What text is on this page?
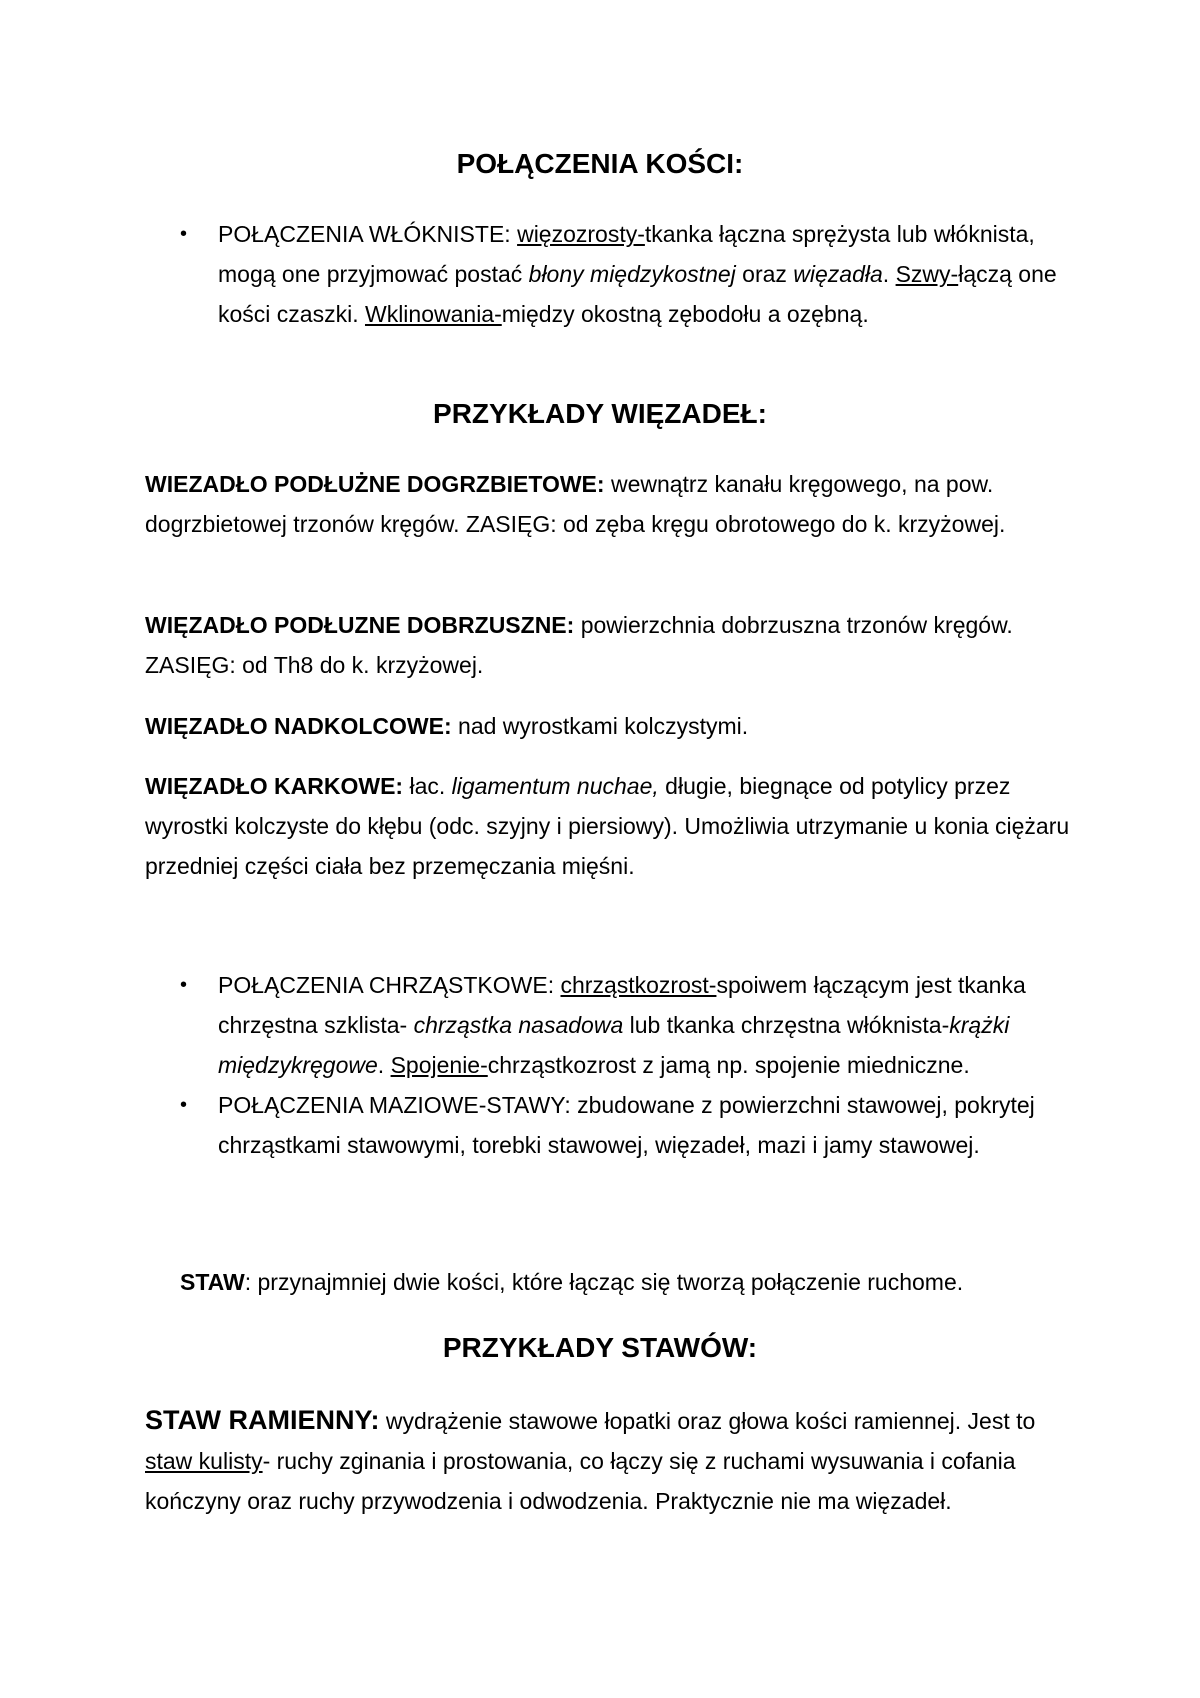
POŁĄCZENIA KOŚCI:
•	POŁĄCZENIA WŁÓKNISTE: więzozrosty-tkanka łączna sprężysta lub włóknista, mogą one przyjmować postać błony międzykostnej oraz więzadła. Szwy-łączą one kości czaszki. Wklinowania-między okostną zębodołu a ozębną.
PRZYKŁADY WIĘZADEŁ:
WIEZADŁO PODŁUŻNE DOGRZBIETOWE: wewnątrz kanału kręgowego, na pow. dogrzbietowej trzonów kręgów. ZASIĘG: od zęba kręgu obrotowego do k. krzyżowej.
WIĘZADŁO PODŁUZNE DOBRZUSZNE: powierzchnia dobrzuszna trzonów kręgów. ZASIĘG: od Th8 do k. krzyżowej.
WIĘZADŁO NADKOLCOWE: nad wyrostkami kolczystymi.
WIĘZADŁO KARKOWE: łac. ligamentum nuchae, długie, biegnące od potylicy przez wyrostki kolczyste do kłębu (odc. szyjny i piersiowy). Umożliwia utrzymanie u konia ciężaru przedniej części ciała bez przemęczania mięśni.
•	POŁĄCZENIA CHRZĄSTKOWE: chrząstkozrost-spoiwem łączącym jest tkanka chrzęstna szklista- chrząstka nasadowa lub tkanka chrzęstna włóknista-krążki międzykręgowe. Spojenie-chrząstkozrost z jamą np. spojenie miedniczne.
•	POŁĄCZENIA MAZIOWE-STAWY: zbudowane z powierzchni stawowej, pokrytej chrząstkami stawowymi, torebki stawowej, więzadeł, mazi i jamy stawowej.
STAW: przynajmniej dwie kości, które łącząc się tworzą połączenie ruchome.
PRZYKŁADY STAWÓW:
STAW RAMIENNY: wydrążenie stawowe łopatki oraz głowa kości ramiennej. Jest to staw kulisty- ruchy zginania i prostowania, co łączy się z ruchami wysuwania i cofania kończyny oraz ruchy przywodzenia i odwodzenia. Praktycznie nie ma więzadeł.
